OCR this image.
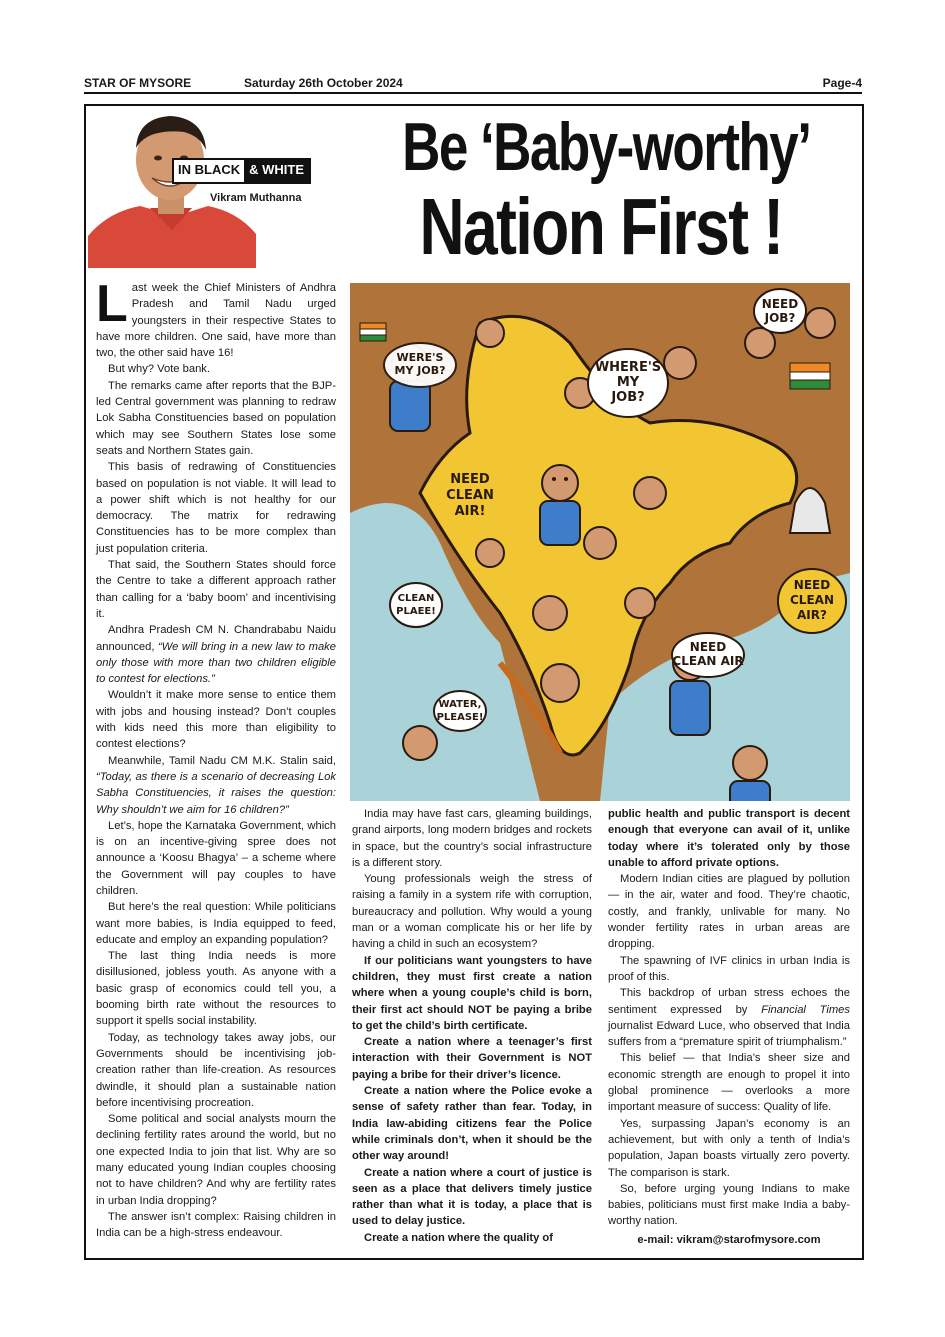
STAR OF MYSORE	Saturday 26th October 2024	Page-4
IN BLACK & WHITE
Vikram Muthanna
Be ‘Baby-worthy’
Nation First !
NEED JOB?
WERE'S MY JOB?	WHERE'S MY JOB?
NEED CLEAN AIR!
NEED CLEAN AIR?
CLEAN PLAEE!
NEED CLEAN AIR
WATER, PLEASE!

Last week the Chief Ministers of Andhra Pradesh and Tamil Nadu urged youngsters in their respective States to have more children. One said, have more than two, the other said have 16!

But why? Vote bank.

The remarks came after reports that the BJP-led Central government was planning to redraw Lok Sabha Constituencies based on population which may see Southern States lose some seats and Northern States gain.

This basis of redrawing of Constituencies based on population is not viable. It will lead to a power shift which is not healthy for our democracy. The matrix for redrawing Constituencies has to be more complex than just population criteria.

That said, the Southern States should force the Centre to take a different approach rather than calling for a ‘baby boom’ and incentivising it.

Andhra Pradesh CM N. Chandrababu Naidu announced, “We will bring in a new law to make only those with more than two children eligible to contest for elections.”

Wouldn’t it make more sense to entice them with jobs and housing instead? Don’t couples with kids need this more than eligibility to contest elections?

Meanwhile, Tamil Nadu CM M.K. Stalin said, “Today, as there is a scenario of decreasing Lok Sabha Constituencies, it raises the question: Why shouldn’t we aim for 16 children?”

Let’s, hope the Karnataka Government, which is on an incentive-giving spree does not announce a ‘Koosu Bhagya’ – a scheme where the Government will pay couples to have children.

But here’s the real question: While politicians want more babies, is India equipped to feed, educate and employ an expanding population?

The last thing India needs is more disillusioned, jobless youth. As anyone with a basic grasp of economics could tell you, a booming birth rate without the resources to support it spells social instability.

Today, as technology takes away jobs, our Governments should be incentivising job-creation rather than life-creation. As resources dwindle, it should plan a sustainable nation before incentivising procreation.

Some political and social analysts mourn the declining fertility rates around the world, but no one expected India to join that list. Why are so many educated young Indian couples choosing not to have children? And why are fertility rates in urban India dropping?

The answer isn’t complex: Raising children in India can be a high-stress endeavour.

India may have fast cars, gleaming buildings, grand airports, long modern bridges and rockets in space, but the country’s social infrastructure is a different story.

Young professionals weigh the stress of raising a family in a system rife with corruption, bureaucracy and pollution. Why would a young man or a woman complicate his or her life by having a child in such an ecosystem?

If our politicians want youngsters to have children, they must first create a nation where when a young couple’s child is born, their first act should NOT be paying a bribe to get the child’s birth certificate.

Create a nation where a teenager’s first interaction with their Government is NOT paying a bribe for their driver’s licence.

Create a nation where the Police evoke a sense of safety rather than fear. Today, in India law-abiding citizens fear the Police while criminals don’t, when it should be the other way around!

Create a nation where a court of justice is seen as a place that delivers timely justice rather than what it is today, a place that is used to delay justice.

Create a nation where the quality of

public health and public transport is decent enough that everyone can avail of it, unlike today where it’s tolerated only by those unable to afford private options.

Modern Indian cities are plagued by pollution — in the air, water and food. They’re chaotic, costly, and frankly, unlivable for many. No wonder fertility rates in urban areas are dropping.

The spawning of IVF clinics in urban India is proof of this.

This backdrop of urban stress echoes the sentiment expressed by Financial Times journalist Edward Luce, who observed that India suffers from a “premature spirit of triumphalism.”

This belief — that India’s sheer size and economic strength are enough to propel it into global prominence — overlooks a more important measure of success: Quality of life.

Yes, surpassing Japan’s economy is an achievement, but with only a tenth of India’s population, Japan boasts virtually zero poverty. The comparison is stark.

So, before urging young Indians to make babies, politicians must first make India a baby-worthy nation.

e-mail: vikram@starofmysore.com
